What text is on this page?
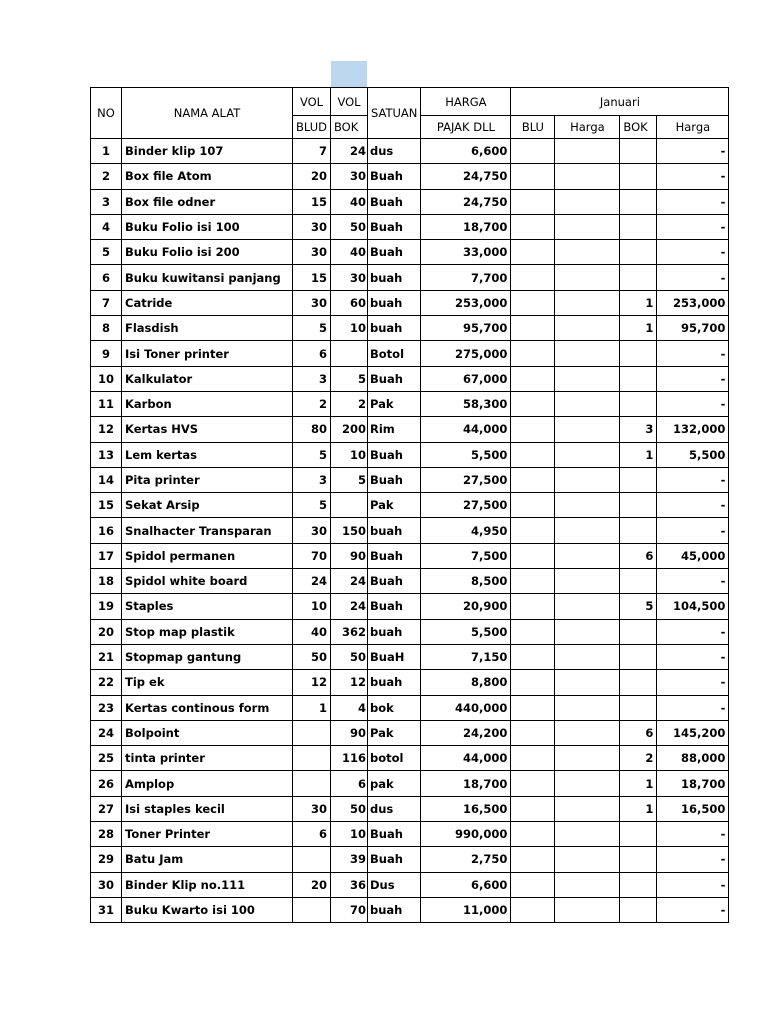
NO	NAMA ALAT	VOL	VOL	SATUAN	HARGA	Januari			
		BLUD	BOK		PAJAK DLL	BLU	Harga	BOK	Harga
1	Binder klip 107	7	24	dus	6,600				-
2	Box file Atom	20	30	Buah	24,750				-
3	Box file odner	15	40	Buah	24,750				-
4	Buku Folio isi 100	30	50	Buah	18,700				-
5	Buku Folio isi 200	30	40	Buah	33,000				-
6	Buku kuwitansi panjang	15	30	buah	7,700				-
7	Catride	30	60	buah	253,000			1	253,000
8	Flasdish	5	10	buah	95,700			1	95,700
9	Isi Toner printer	6		Botol	275,000				-
10	Kalkulator	3	5	Buah	67,000				-
11	Karbon	2	2	Pak	58,300				-
12	Kertas HVS	80	200	Rim	44,000			3	132,000
13	Lem kertas	5	10	Buah	5,500			1	5,500
14	Pita printer	3	5	Buah	27,500				-
15	Sekat Arsip	5		Pak	27,500				-
16	Snalhacter Transparan	30	150	buah	4,950				-
17	Spidol permanen	70	90	Buah	7,500			6	45,000
18	Spidol white board	24	24	Buah	8,500				-
19	Staples	10	24	Buah	20,900			5	104,500
20	Stop map plastik	40	362	buah	5,500				-
21	Stopmap gantung	50	50	BuaH	7,150				-
22	Tip ek	12	12	buah	8,800				-
23	Kertas continous form	1	4	bok	440,000				-
24	Bolpoint		90	Pak	24,200			6	145,200
25	tinta printer		116	botol	44,000			2	88,000
26	Amplop		6	pak	18,700			1	18,700
27	Isi staples kecil	30	50	dus	16,500			1	16,500
28	Toner Printer	6	10	Buah	990,000				-
29	Batu Jam		39	Buah	2,750				-
30	Binder Klip no.111	20	36	Dus	6,600				-
31	Buku Kwarto isi 100		70	buah	11,000				-
